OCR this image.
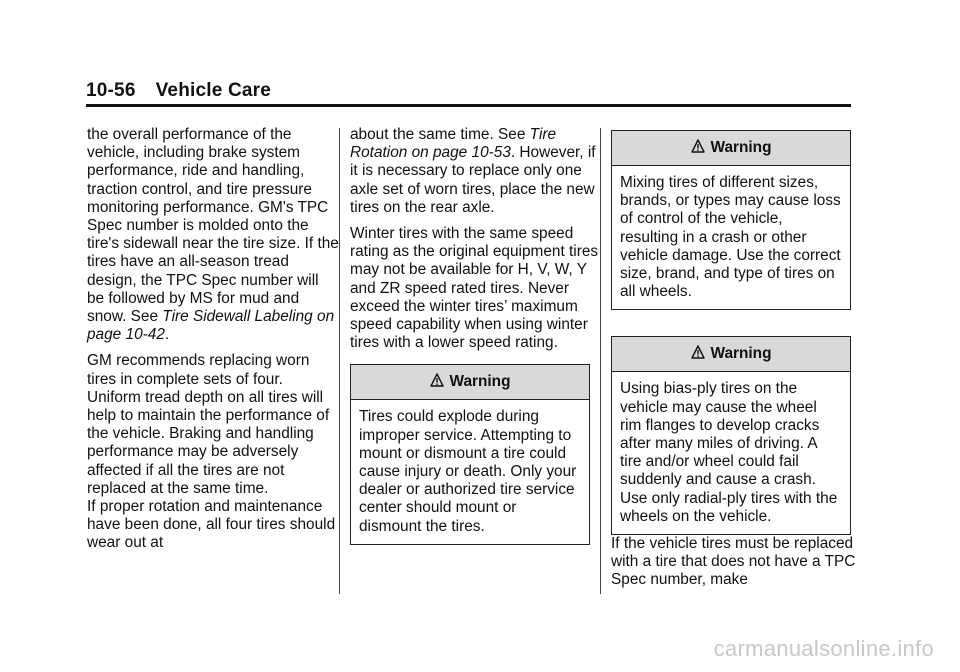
10-56 Vehicle Care

the overall performance of the vehicle, including brake system performance, ride and handling, traction control, and tire pressure monitoring performance. GM's TPC Spec number is molded onto the tire's sidewall near the tire size. If the tires have an all-season tread design, the TPC Spec number will be followed by MS for mud and snow. See Tire Sidewall Labeling on page 10-42.

GM recommends replacing worn tires in complete sets of four. Uniform tread depth on all tires will help to maintain the performance of the vehicle. Braking and handling performance may be adversely affected if all the tires are not replaced at the same time.

If proper rotation and maintenance have been done, all four tires should wear out at

about the same time. See Tire Rotation on page 10-53. However, if it is necessary to replace only one axle set of worn tires, place the new tires on the rear axle.

Winter tires with the same speed rating as the original equipment tires may not be available for H, V, W, Y and ZR speed rated tires. Never exceed the winter tires’ maximum speed capability when using winter tires with a lower speed rating.

Warning
Tires could explode during improper service. Attempting to mount or dismount a tire could cause injury or death. Only your dealer or authorized tire service center should mount or dismount the tires.
Warning
Mixing tires of different sizes, brands, or types may cause loss of control of the vehicle, resulting in a crash or other vehicle damage. Use the correct size, brand, and type of tires on all wheels.
Warning
Using bias-ply tires on the vehicle may cause the wheel rim flanges to develop cracks after many miles of driving. A tire and/or wheel could fail suddenly and cause a crash. Use only radial-ply tires with the wheels on the vehicle.

If the vehicle tires must be replaced with a tire that does not have a TPC Spec number, make

carmanualsonline.info
